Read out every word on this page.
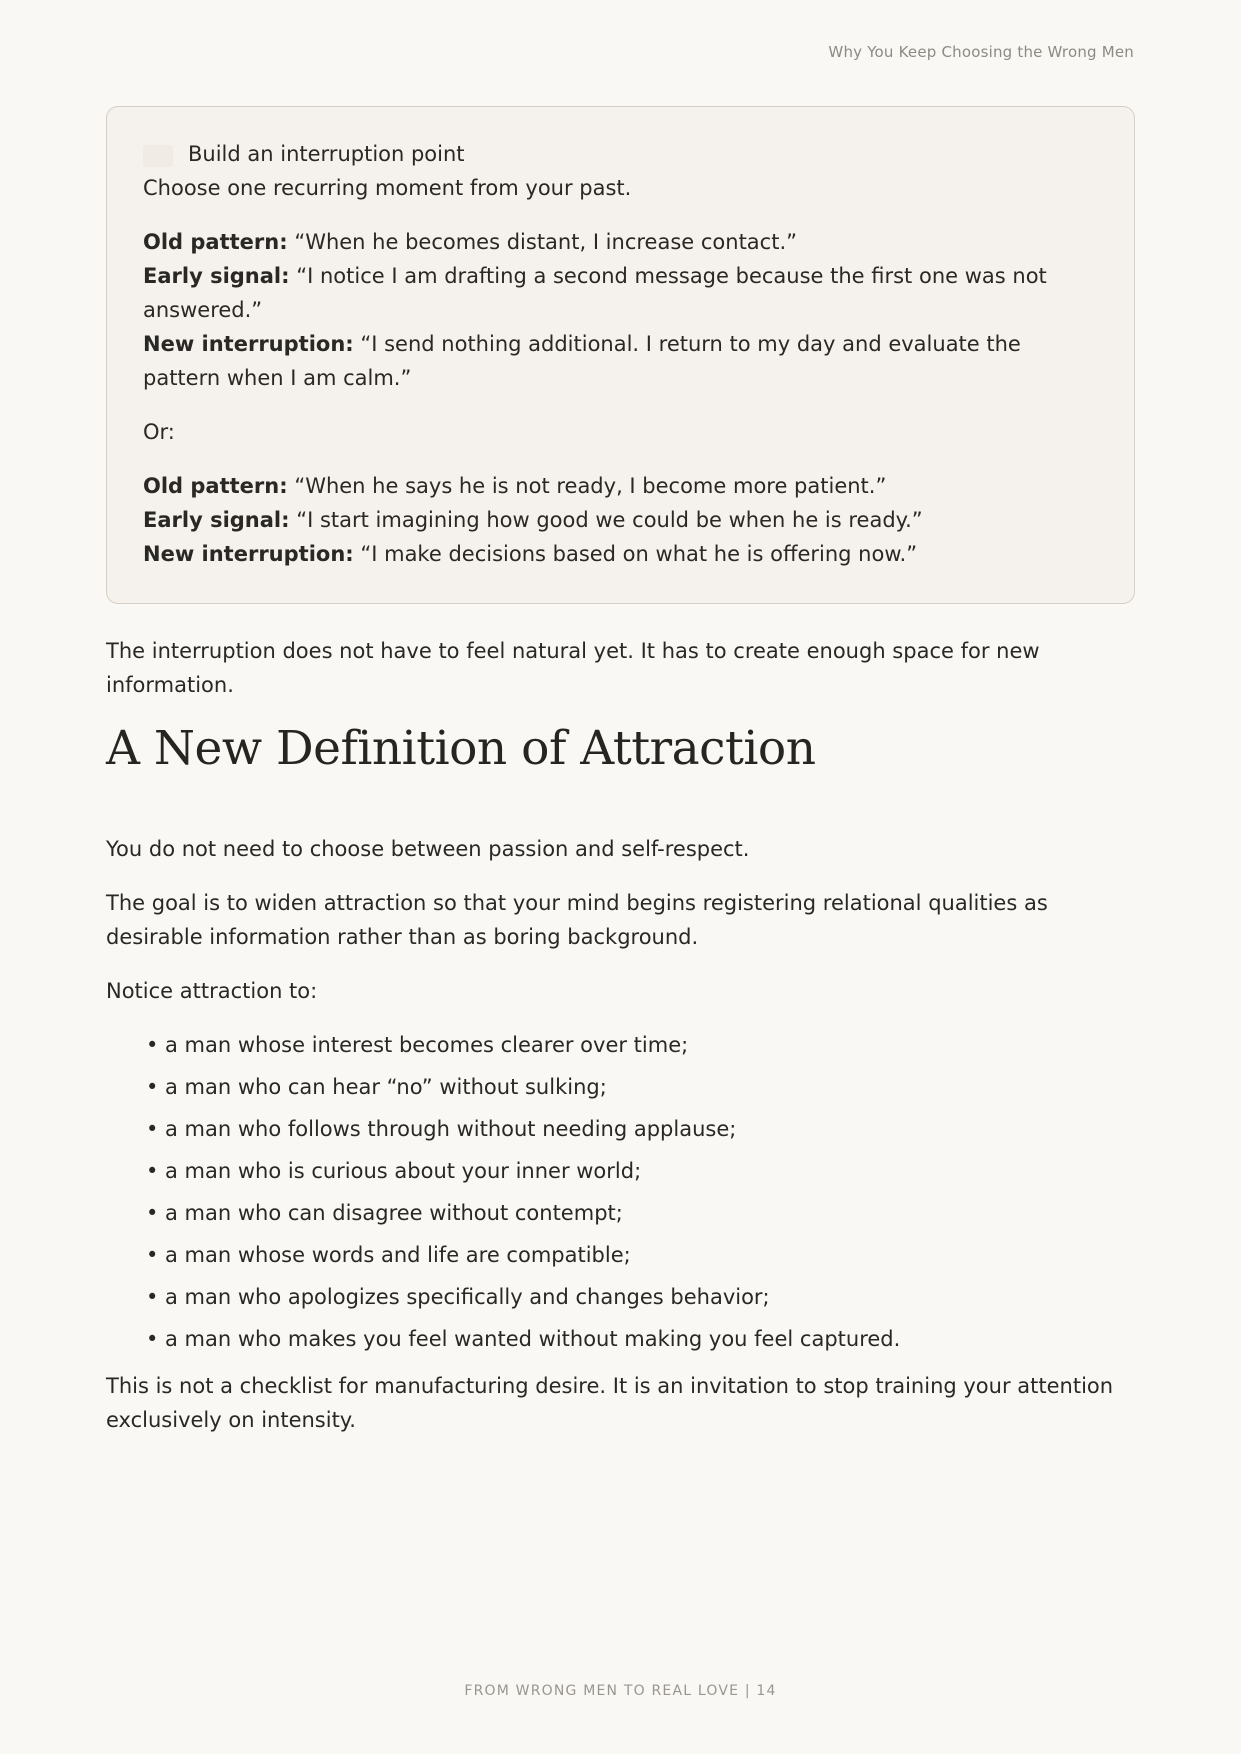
Why You Keep Choosing the Wrong Men
Build an interruption point
Choose one recurring moment from your past.
Old pattern: “When he becomes distant, I increase contact.”
Early signal: “I notice I am drafting a second message because the first one was not answered.”
New interruption: “I send nothing additional. I return to my day and evaluate the pattern when I am calm.”
Or:
Old pattern: “When he says he is not ready, I become more patient.”
Early signal: “I start imagining how good we could be when he is ready.”
New interruption: “I make decisions based on what he is offering now.”

The interruption does not have to feel natural yet. It has to create enough space for new information.

A New Definition of Attraction

You do not need to choose between passion and self-respect.

The goal is to widen attraction so that your mind begins registering relational qualities as desirable information rather than as boring background.

Notice attraction to:

• a man whose interest becomes clearer over time;
• a man who can hear “no” without sulking;
• a man who follows through without needing applause;
• a man who is curious about your inner world;
• a man who can disagree without contempt;
• a man whose words and life are compatible;
• a man who apologizes specifically and changes behavior;
• a man who makes you feel wanted without making you feel captured.

This is not a checklist for manufacturing desire. It is an invitation to stop training your attention exclusively on intensity.

FROM WRONG MEN TO REAL LOVE | 14
